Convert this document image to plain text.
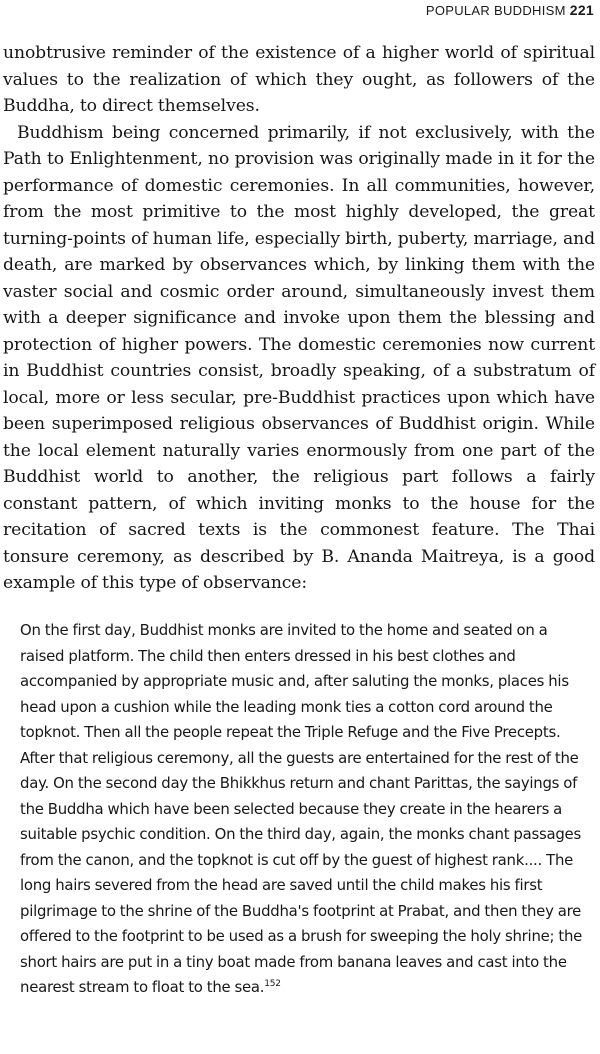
POPULAR BUDDHISM 221

unobtrusive reminder of the existence of a higher world of spiritual values to the realization of which they ought, as followers of the Buddha, to direct themselves.

Buddhism being concerned primarily, if not exclusively, with the Path to Enlightenment, no provision was originally made in it for the performance of domestic ceremonies. In all communities, however, from the most primitive to the most highly developed, the great turning-points of human life, especially birth, puberty, marriage, and death, are marked by observances which, by linking them with the vaster social and cosmic order around, simultaneously invest them with a deeper significance and invoke upon them the blessing and protection of higher powers. The domestic ceremonies now current in Buddhist countries consist, broadly speaking, of a substratum of local, more or less secular, pre-Buddhist practices upon which have been superimposed religious observances of Buddhist origin. While the local element naturally varies enormously from one part of the Buddhist world to another, the religious part follows a fairly constant pattern, of which inviting monks to the house for the recitation of sacred texts is the commonest feature. The Thai tonsure ceremony, as described by B. Ananda Maitreya, is a good example of this type of observance:

On the first day, Buddhist monks are invited to the home and seated on a raised platform. The child then enters dressed in his best clothes and accompanied by appropriate music and, after saluting the monks, places his head upon a cushion while the leading monk ties a cotton cord around the topknot. Then all the people repeat the Triple Refuge and the Five Precepts. After that religious ceremony, all the guests are entertained for the rest of the day. On the second day the Bhikkhus return and chant Parittas, the sayings of the Buddha which have been selected because they create in the hearers a suitable psychic condition. On the third day, again, the monks chant passages from the canon, and the topknot is cut off by the guest of highest rank.... The long hairs severed from the head are saved until the child makes his first pilgrimage to the shrine of the Buddha's footprint at Prabat, and then they are offered to the footprint to be used as a brush for sweeping the holy shrine; the short hairs are put in a tiny boat made from banana leaves and cast into the nearest stream to float to the sea.$^{152}$
